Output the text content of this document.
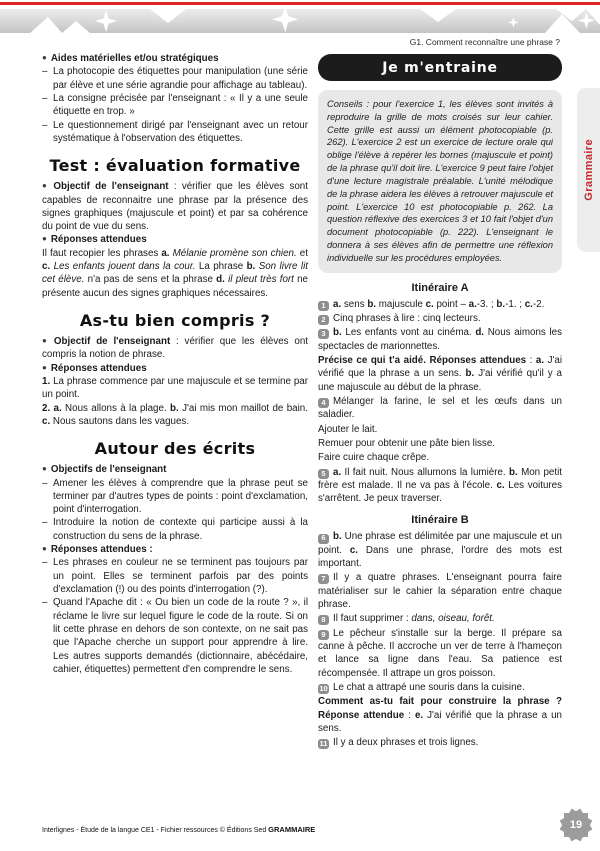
G1. Comment reconnaître une phrase ?
Grammaire

● Aides matérielles et/ou stratégiques

– La photocopie des étiquettes pour manipulation (une série par élève et une série agrandie pour affichage au tableau).
– La consigne précisée par l'enseignant : « Il y a une seule étiquette en trop. »
– Le questionnement dirigé par l'enseignant avec un retour systématique à l'observation des étiquettes.
Test : évaluation formative

● Objectif de l'enseignant : vérifier que les élèves sont capables de reconnaitre une phrase par la présence des signes graphiques (majuscule et point) et par sa cohérence du point de vue du sens.

● Réponses attendues

Il faut recopier les phrases a. Mélanie promène son chien. et c. Les enfants jouent dans la cour. La phrase b. Son livre lit cet élève. n'a pas de sens et la phrase d. il pleut très fort ne présente aucun des signes graphiques nécessaires.

As-tu bien compris ?

● Objectif de l'enseignant : vérifier que les élèves ont compris la notion de phrase.

● Réponses attendues

1. La phrase commence par une majuscule et se termine par un point.

2. a. Nous allons à la plage. b. J'ai mis mon maillot de bain. c. Nous sautons dans les vagues.

Autour des écrits

● Objectifs de l'enseignant

– Amener les élèves à comprendre que la phrase peut se terminer par d'autres types de points : point d'exclamation, point d'interrogation.
– Introduire la notion de contexte qui participe aussi à la construction du sens de la phrase.

● Réponses attendues :

– Les phrases en couleur ne se terminent pas toujours par un point. Elles se terminent parfois par des points d'exclamation (!) ou des points d'interrogation (?).
– Quand l'Apache dit : « Ou bien un code de la route ? », il réclame le livre sur lequel figure le code de la route. Si on lit cette phrase en dehors de son contexte, on ne sait pas que l'Apache cherche un support pour apprendre à lire. Les autres supports demandés (dictionnaire, abécédaire, cahier, étiquettes) permettent d'en comprendre le sens.
Je m'entraine
Conseils : pour l'exercice 1, les élèves sont invités à reproduire la grille de mots croisés sur leur cahier. Cette grille est aussi un élément photocopiable (p. 262). L'exercice 2 est un exercice de lecture orale qui oblige l'élève à repérer les bornes (majuscule et point) de la phrase qu'il doit lire. L'exercice 9 peut faire l'objet d'une lecture magistrale préalable. L'unité mélodique de la phrase aidera les élèves à retrouver majuscule et point. L'exercice 10 est photocopiable p. 262. La question réflexive des exercices 3 et 10 fait l'objet d'un document photocopiable (p. 222). L'enseignant le donnera à ses élèves afin de permettre une réflexion individuelle sur les procédures employées.
Itinéraire A
1 a. sens b. majuscule c. point – a.-3. ; b.-1. ; c.-2.
2 Cinq phrases à lire : cinq lecteurs.
3 b. Les enfants vont au cinéma. d. Nous aimons les spectacles de marionnettes.
Précise ce qui t'a aidé. Réponses attendues : a. J'ai vérifié que la phrase a un sens. b. J'ai vérifié qu'il y a une majuscule au début de la phrase.
4 Mélanger la farine, le sel et les œufs dans un saladier.
Ajouter le lait.
Remuer pour obtenir une pâte bien lisse.
Faire cuire chaque crêpe.
5 a. Il fait nuit. Nous allumons la lumière. b. Mon petit frère est malade. Il ne va pas à l'école. c. Les voitures s'arrêtent. Je peux traverser.
Itinéraire B
6 b. Une phrase est délimitée par une majuscule et un point. c. Dans une phrase, l'ordre des mots est important.
7 Il y a quatre phrases. L'enseignant pourra faire matérialiser sur le cahier la séparation entre chaque phrase.
8 Il faut supprimer : dans, oiseau, forêt.
9 Le pêcheur s'installe sur la berge. Il prépare sa canne à pêche. Il accroche un ver de terre à l'hameçon et lance sa ligne dans l'eau. Sa patience est récompensée. Il attrape un gros poisson.
10 Le chat a attrapé une souris dans la cuisine.
Comment as-tu fait pour construire la phrase ? Réponse attendue : e. J'ai vérifié que la phrase a un sens.
11 Il y a deux phrases et trois lignes.
Interlignes - Étude de la langue CE1 - Fichier ressources © Éditions Sed GRAMMAIRE	19
